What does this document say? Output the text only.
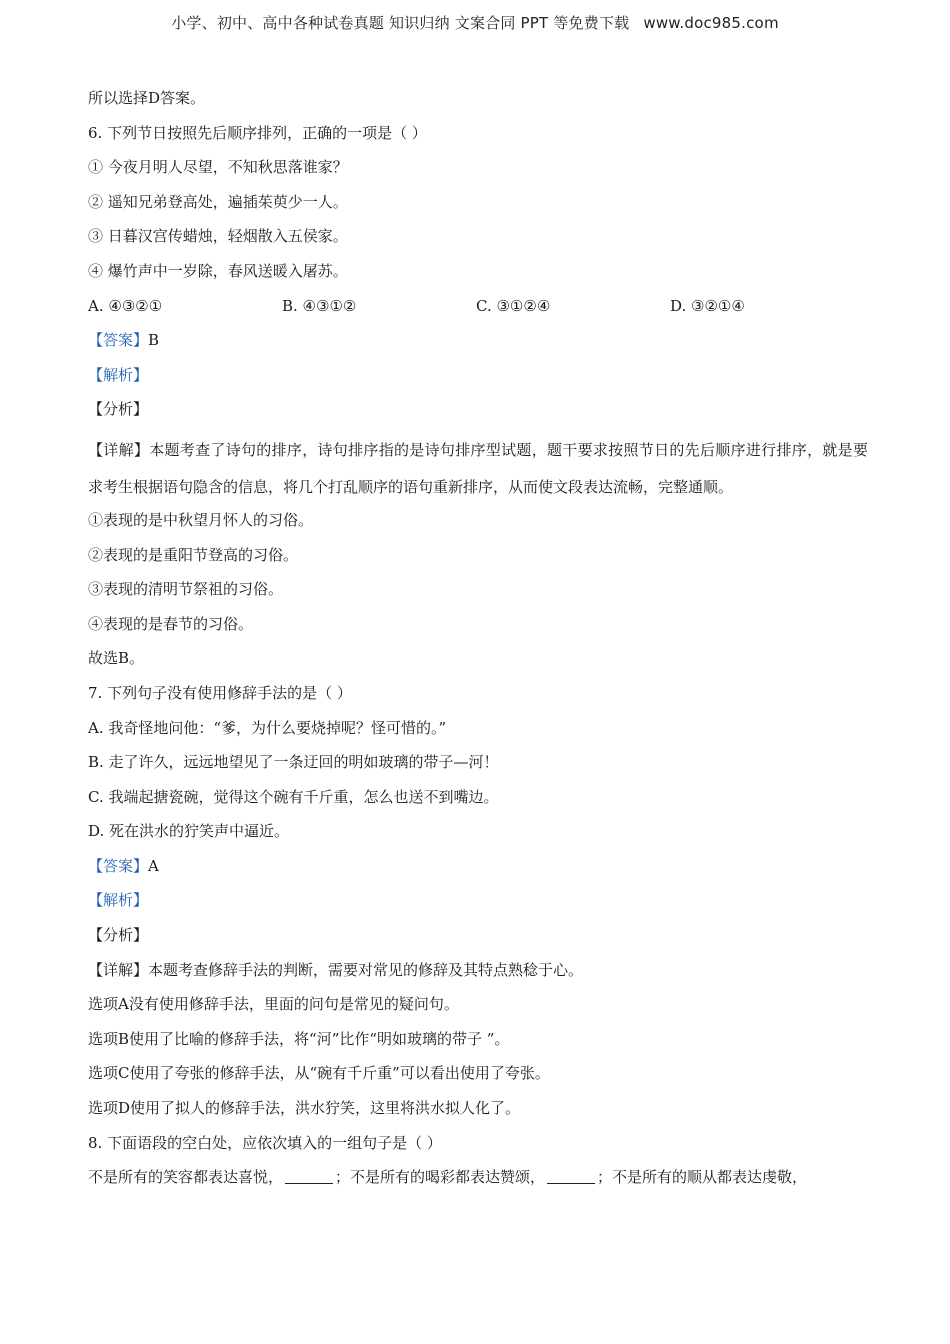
小学、初中、高中各种试卷真题 知识归纳 文案合同 PPT 等免费下载 www.doc985.com
所以选择D答案。
6. 下列节日按照先后顺序排列，正确的一项是（ ）
① 今夜月明人尽望，不知秋思落谁家？
② 遥知兄弟登高处，遍插茱萸少一人。
③ 日暮汉宫传蜡烛，轻烟散入五侯家。
④ 爆竹声中一岁除，春风送暖入屠苏。
A. ④③②①	B. ④③①②	C. ③①②④	D. ③②①④
【答案】B
【解析】
【分析】
【详解】本题考查了诗句的排序，诗句排序指的是诗句排序型试题，题干要求按照节日的先后顺序进行排序，就是要求考生根据语句隐含的信息，将几个打乱顺序的语句重新排序，从而使文段表达流畅，完整通顺。
①表现的是中秋望月怀人的习俗。
②表现的是重阳节登高的习俗。
③表现的清明节祭祖的习俗。
④表现的是春节的习俗。
故选B。
7. 下列句子没有使用修辞手法的是（ ）
A. 我奇怪地问他：“爹，为什么要烧掉呢？怪可惜的。”
B. 走了许久，远远地望见了一条迂回的明如玻璃的带子—河！
C. 我端起搪瓷碗，觉得这个碗有千斤重，怎么也送不到嘴边。
D. 死在洪水的狞笑声中逼近。
【答案】A
【解析】
【分析】
【详解】本题考查修辞手法的判断，需要对常见的修辞及其特点熟稔于心。
选项A没有使用修辞手法，里面的问句是常见的疑问句。
选项B使用了比喻的修辞手法，将“河”比作“明如玻璃的带子 ”。
选项C使用了夸张的修辞手法，从“碗有千斤重”可以看出使用了夸张。
选项D使用了拟人的修辞手法，洪水狞笑，这里将洪水拟人化了。
8. 下面语段的空白处，应依次填入的一组句子是（ ）
不是所有的笑容都表达喜悦，	；不是所有的喝彩都表达赞颂，	；不是所有的顺从都表达虔敬，
